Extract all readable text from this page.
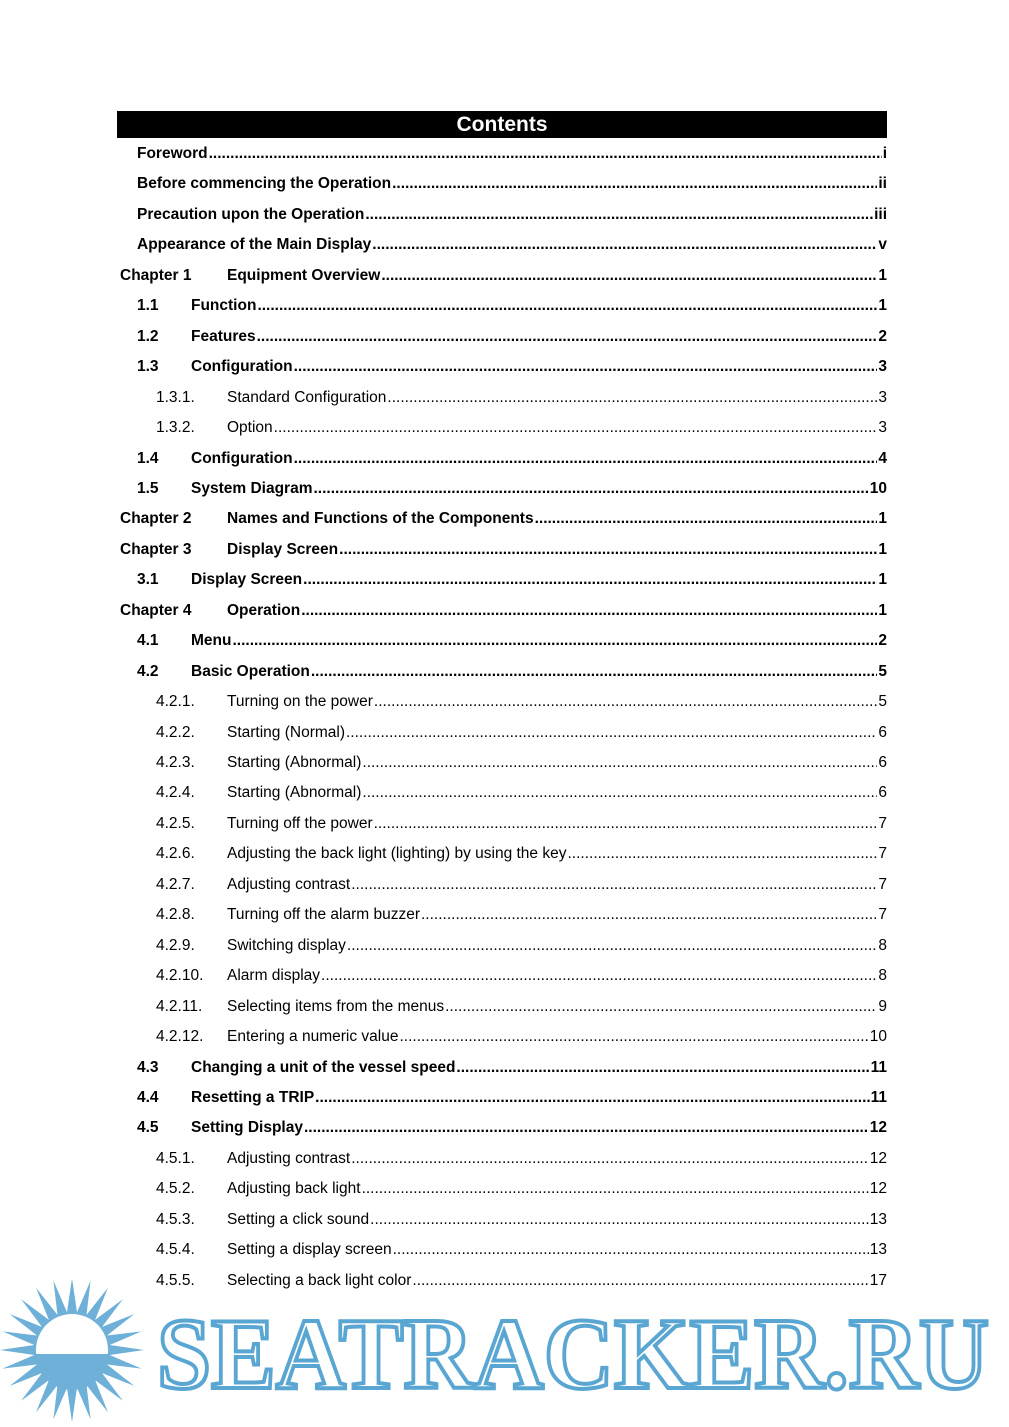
Contents
Foreword .....	i
Before commencing the Operation .....	ii
Precaution upon the Operation .....	iii
Appearance of the Main Display .....	v
Chapter 1	Equipment Overview .....	1
1.1	Function .....	1
1.2	Features .....	2
1.3	Configuration .....	3
1.3.1.	Standard Configuration .....	3
1.3.2.	Option .....	3
1.4	Configuration .....	4
1.5	System Diagram .....	10
Chapter 2	Names and Functions of the Components .....	1
Chapter 3	Display Screen .....	1
3.1	Display Screen .....	1
Chapter 4	Operation .....	1
4.1	Menu .....	2
4.2	Basic Operation .....	5
4.2.1.	Turning on the power .....	5
4.2.2.	Starting (Normal) .....	6
4.2.3.	Starting (Abnormal) .....	6
4.2.4.	Starting (Abnormal) .....	6
4.2.5.	Turning off the power .....	7
4.2.6.	Adjusting the back light (lighting) by using the key .....	7
4.2.7.	Adjusting contrast .....	7
4.2.8.	Turning off the alarm buzzer .....	7
4.2.9.	Switching display .....	8
4.2.10.	Alarm display .....	8
4.2.11.	Selecting items from the menus .....	9
4.2.12.	Entering a numeric value .....	10
4.3	Changing a unit of the vessel speed .....	11
4.4	Resetting a TRIP .....	11
4.5	Setting Display .....	12
4.5.1.	Adjusting contrast .....	12
4.5.2.	Adjusting back light .....	12
4.5.3.	Setting a click sound .....	13
4.5.4.	Setting a display screen .....	13
4.5.5.	Selecting a back light color .....	17
SEATRACKER.RU
